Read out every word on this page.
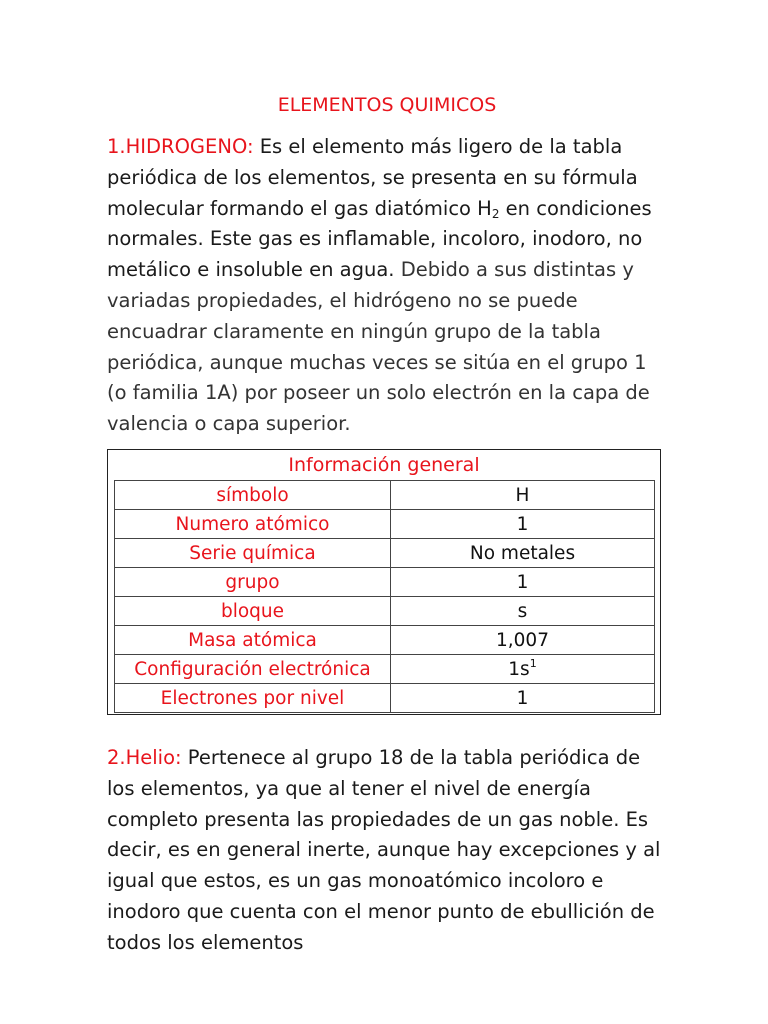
ELEMENTOS QUIMICOS
1.HIDROGENO: Es el elemento más ligero de la tabla periódica de los elementos, se presenta en su fórmula molecular formando el gas diatómico $H_2$ en condiciones normales. Este gas es inflamable, incoloro, inodoro, no metálico e insoluble en agua. Debido a sus distintas y variadas propiedades, el hidrógeno no se puede encuadrar claramente en ningún grupo de la tabla periódica, aunque muchas veces se sitúa en el grupo 1 (o familia 1A) por poseer un solo electrón en la capa de valencia o capa superior.
Información general
símbolo	H
Numero atómico	1
Serie química	No metales
grupo	1
bloque	s
Masa atómica	1,007
Configuración electrónica	$1s^1$
Electrones por nivel	1
2.Helio: Pertenece al grupo 18 de la tabla periódica de los elementos, ya que al tener el nivel de energía completo presenta las propiedades de un gas noble. Es decir, es en general inerte, aunque hay excepciones y al igual que estos, es un gas monoatómico incoloro e inodoro que cuenta con el menor punto de ebullición de todos los elementos
